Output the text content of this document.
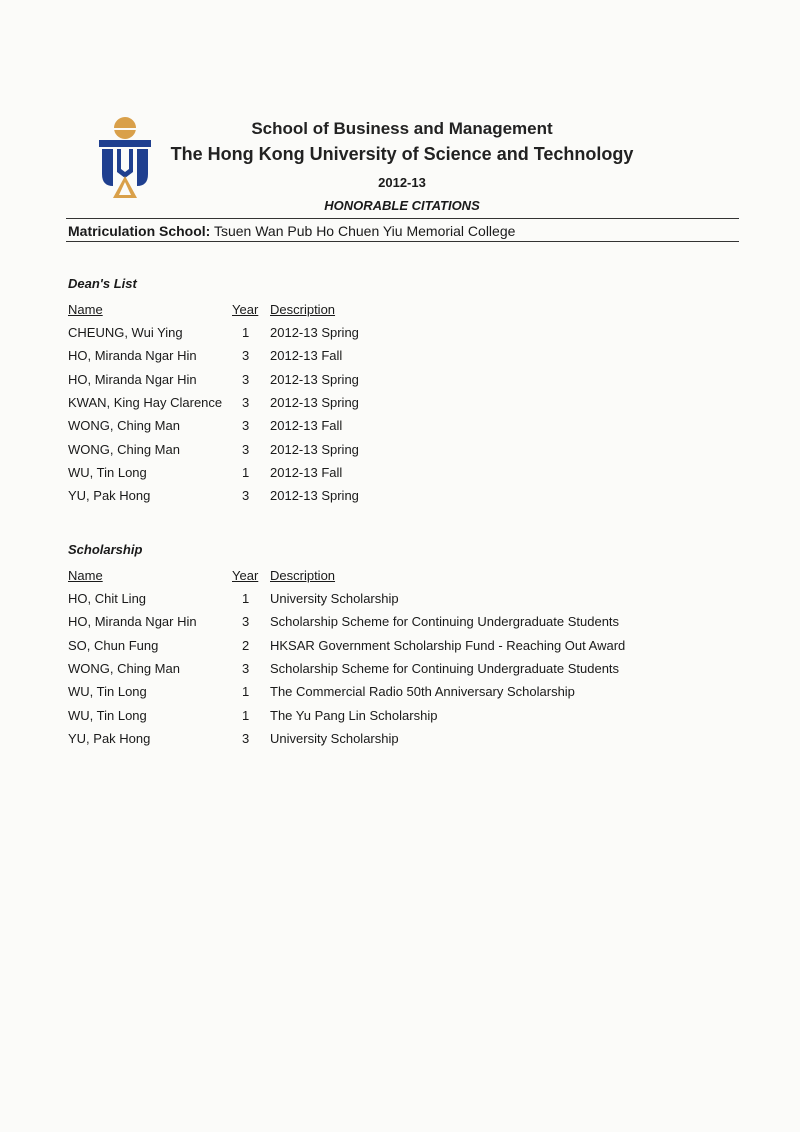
School of Business and Management
The Hong Kong University of Science and Technology
2012-13
HONORABLE CITATIONS
Matriculation School: Tsuen Wan Pub Ho Chuen Yiu Memorial College
Dean's List
Name	Year Description
CHEUNG, Wui Ying	1 2012-13 Spring
HO, Miranda Ngar Hin	3 2012-13 Fall
HO, Miranda Ngar Hin	3 2012-13 Spring
KWAN, King Hay Clarence 3 2012-13 Spring
WONG, Ching Man	3 2012-13 Fall
WONG, Ching Man	3 2012-13 Spring
WU, Tin Long	1 2012-13 Fall
YU, Pak Hong	3 2012-13 Spring
Scholarship
Name	Year Description
HO, Chit Ling	1 University Scholarship
HO, Miranda Ngar Hin	3 Scholarship Scheme for Continuing Undergraduate Students
SO, Chun Fung	2 HKSAR Government Scholarship Fund - Reaching Out Award
WONG, Ching Man	3 Scholarship Scheme for Continuing Undergraduate Students
WU, Tin Long	1 The Commercial Radio 50th Anniversary Scholarship
WU, Tin Long	1 The Yu Pang Lin Scholarship
YU, Pak Hong	3 University Scholarship
